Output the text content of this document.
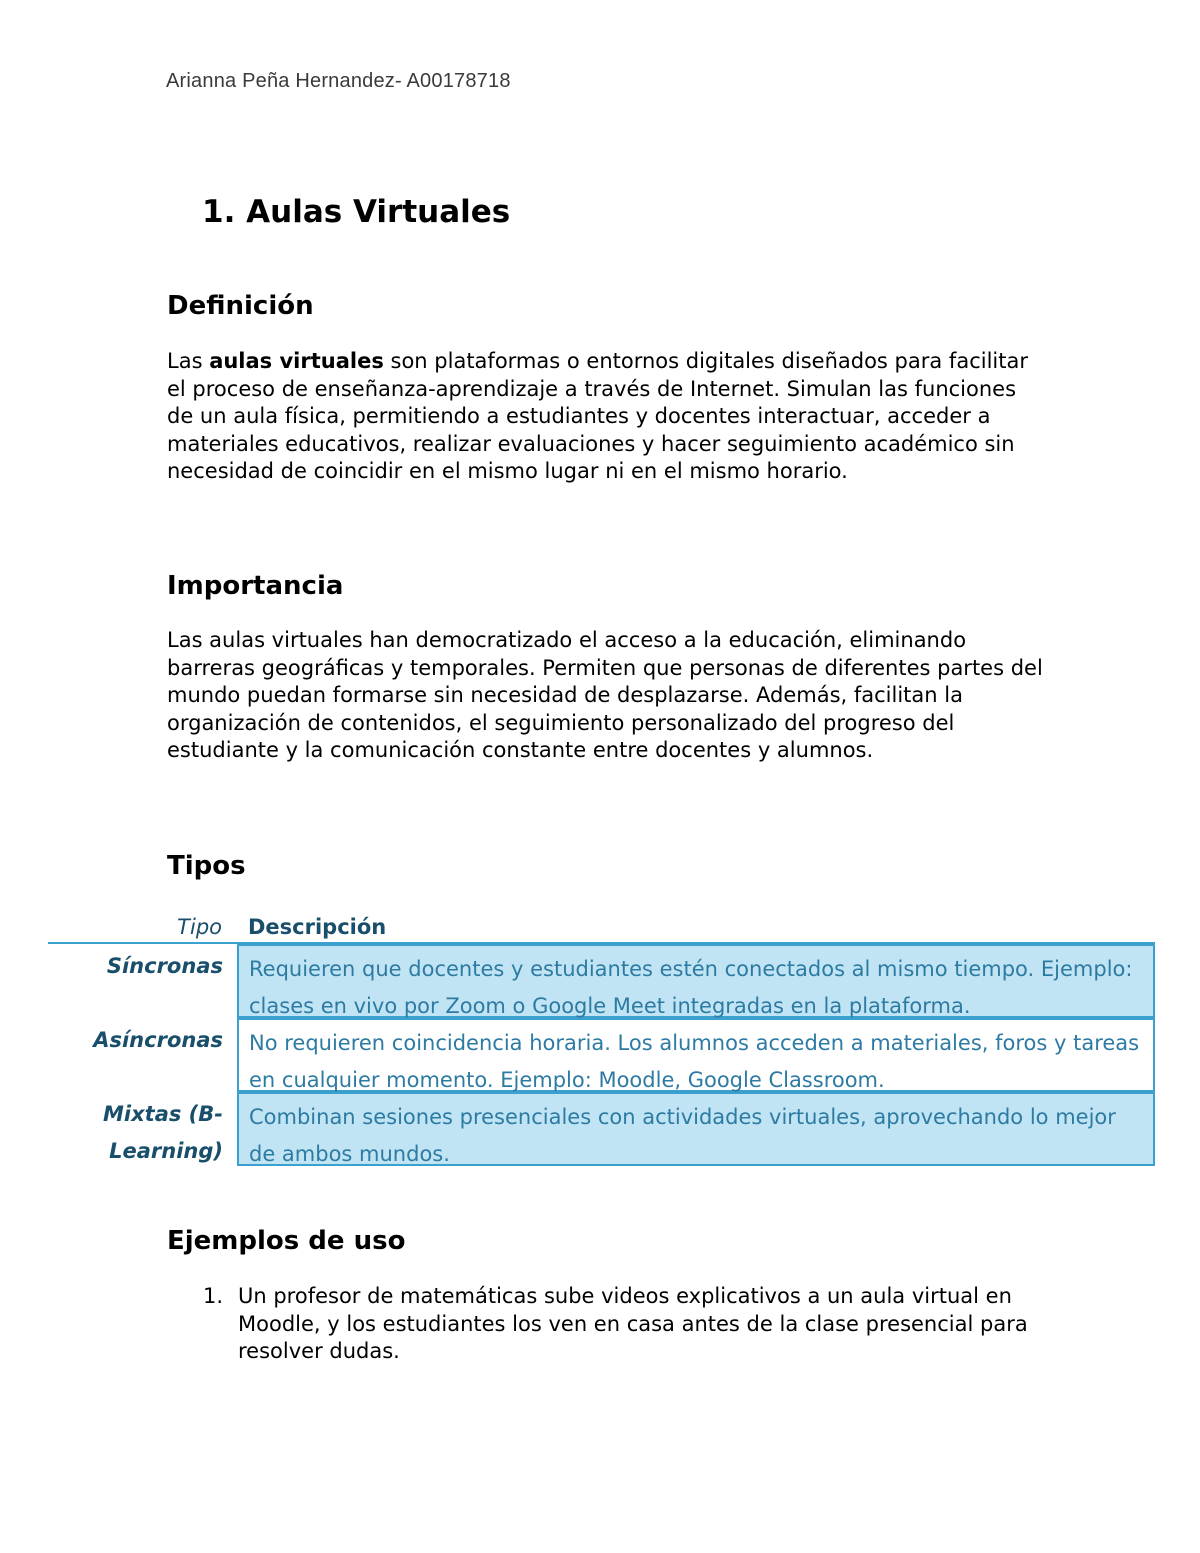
Arianna Peña Hernandez- A00178718
1. Aulas Virtuales
Definición

Las aulas virtuales son plataformas o entornos digitales diseñados para facilitar el proceso de enseñanza-aprendizaje a través de Internet. Simulan las funciones de un aula física, permitiendo a estudiantes y docentes interactuar, acceder a materiales educativos, realizar evaluaciones y hacer seguimiento académico sin necesidad de coincidir en el mismo lugar ni en el mismo horario.

Importancia

Las aulas virtuales han democratizado el acceso a la educación, eliminando barreras geográficas y temporales. Permiten que personas de diferentes partes del mundo puedan formarse sin necesidad de desplazarse. Además, facilitan la organización de contenidos, el seguimiento personalizado del progreso del estudiante y la comunicación constante entre docentes y alumnos.

Tipos
Tipo Descripción
Síncronas	Requieren que docentes y estudiantes estén conectados al mismo tiempo. Ejemplo: clases en vivo por Zoom o Google Meet integradas en la plataforma.
Asíncronas	No requieren coincidencia horaria. Los alumnos acceden a materiales, foros y tareas en cualquier momento. Ejemplo: Moodle, Google Classroom.
Mixtas (B-Learning)
Combinan sesiones presenciales con actividades virtuales, aprovechando lo mejor de ambos mundos.
Ejemplos de uso
1. Un profesor de matemáticas sube videos explicativos a un aula virtual en Moodle, y los estudiantes los ven en casa antes de la clase presencial para resolver dudas.
